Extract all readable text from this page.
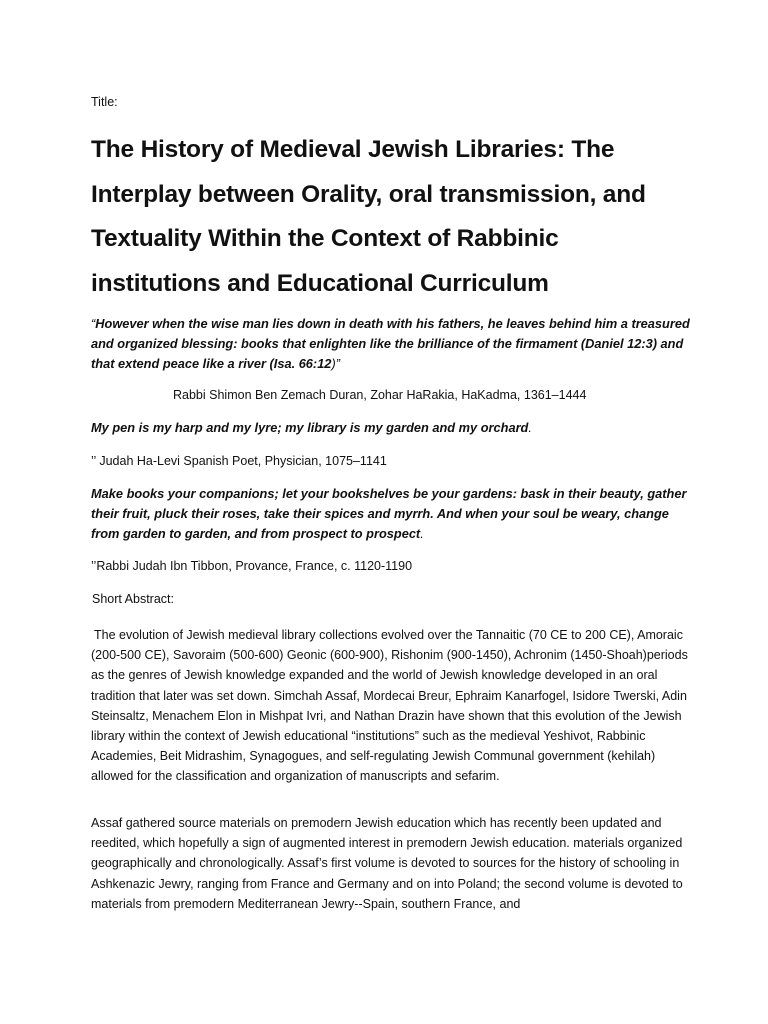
Title:
The History of Medieval Jewish Libraries: The Interplay between Orality, oral transmission, and Textuality Within the Context of Rabbinic institutions and Educational Curriculum
“However when the wise man lies down in death with his fathers, he leaves behind him a treasured and organized blessing: books that enlighten like the brilliance of the firmament (Daniel 12:3) and that extend peace like a river (Isa. 66:12)”
Rabbi Shimon Ben Zemach Duran, Zohar HaRakia, HaKadma, 1361–1444
My pen is my harp and my lyre; my library is my garden and my orchard.
’’ Judah Ha-Levi Spanish Poet, Physician, 1075–1141
Make books your companions; let your bookshelves be your gardens: bask in their beauty, gather their fruit, pluck their roses, take their spices and myrrh. And when your soul be weary, change from garden to garden, and from prospect to prospect.
’’Rabbi Judah Ibn Tibbon, Provance, France, c. 1120-1190
Short Abstract:

The evolution of Jewish medieval library collections evolved over the Tannaitic (70 CE to 200 CE), Amoraic (200-500 CE), Savoraim (500-600) Geonic (600-900), Rishonim (900-1450), Achronim (1450-Shoah)periods as the genres of Jewish knowledge expanded and the world of Jewish knowledge developed in an oral tradition that later was set down. Simchah Assaf, Mordecai Breur, Ephraim Kanarfogel, Isidore Twerski, Adin Steinsaltz, Menachem Elon in Mishpat Ivri, and Nathan Drazin have shown that this evolution of the Jewish library within the context of Jewish educational “institutions” such as the medieval Yeshivot, Rabbinic Academies, Beit Midrashim, Synagogues, and self-regulating Jewish Communal government (kehilah) allowed for the classification and organization of manuscripts and sefarim.

Assaf gathered source materials on premodern Jewish education which has recently been updated and reedited, which hopefully a sign of augmented interest in premodern Jewish education. materials organized geographically and chronologically. Assaf’s first volume is devoted to sources for the history of schooling in Ashkenazic Jewry, ranging from France and Germany and on into Poland; the second volume is devoted to materials from premodern Mediterranean Jewry--Spain, southern France, and
